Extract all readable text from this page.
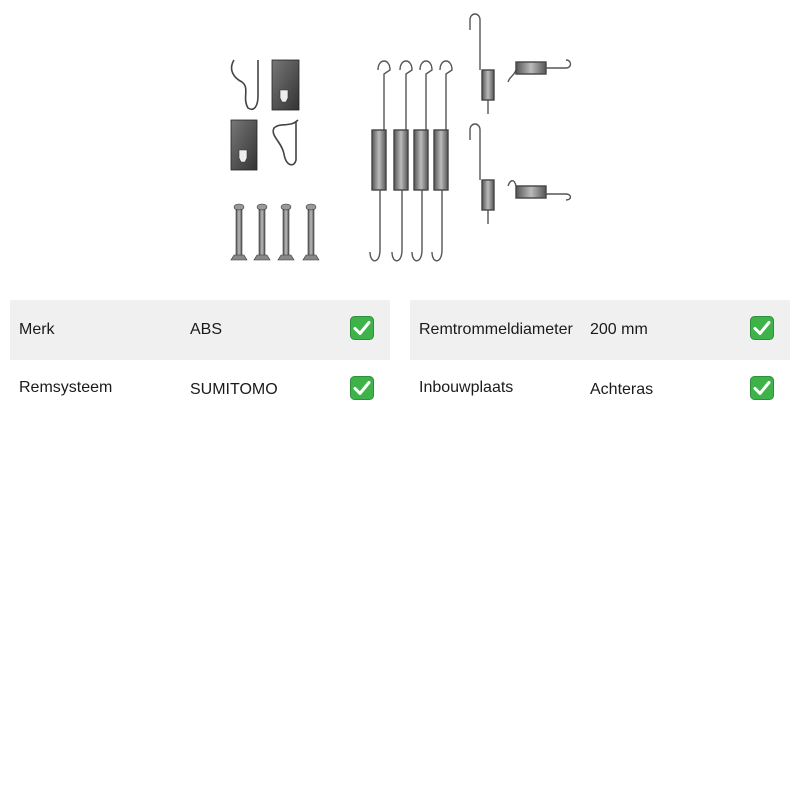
Merk	ABS
Remsysteem	SUMITOMO
Remtrommeldiameter 200 mm
Inbouwplaats	Achteras
